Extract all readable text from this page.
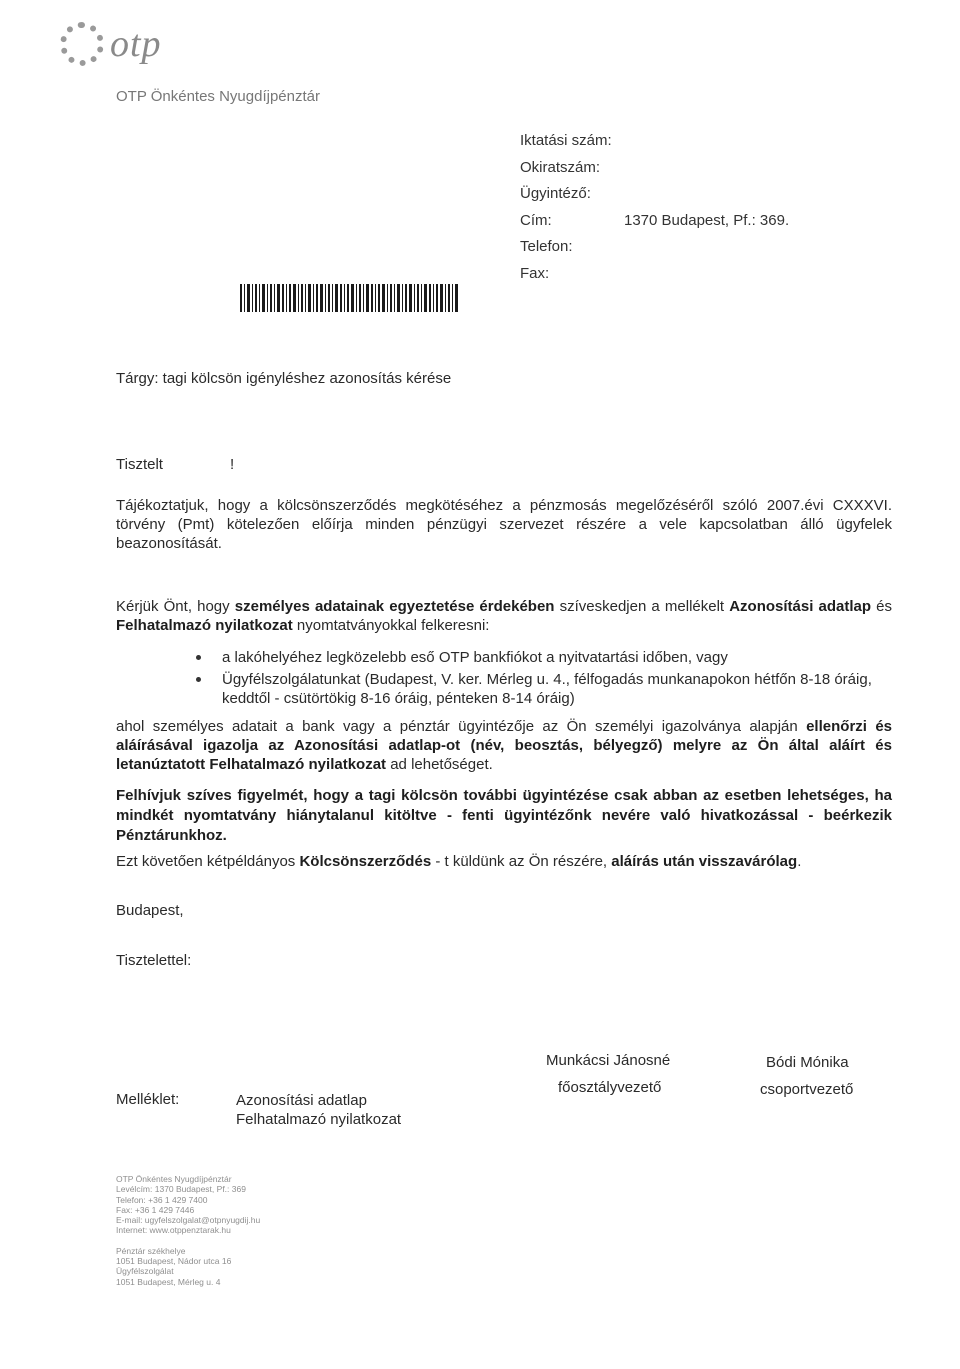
otp
OTP Önkéntes Nyugdíjpénztár
Iktatási szám:
Okiratszám:
Ügyintéző:
Cím:	1370 Budapest, Pf.: 369.
Telefon:
Fax:
Tárgy: tagi kölcsön igényléshez azonosítás kérése
Tisztelt	!
Tájékoztatjuk, hogy a kölcsönszerződés megkötéséhez a pénzmosás megelőzéséről szóló 2007.évi CXXXVI. törvény (Pmt) kötelezően előírja minden pénzügyi szervezet részére a vele kapcsolatban álló ügyfelek beazonosítását.
Kérjük Önt, hogy személyes adatainak egyeztetése érdekében szíveskedjen a mellékelt Azonosítási adatlap és Felhatalmazó nyilatkozat nyomtatványokkal felkeresni:
a lakóhelyéhez legközelebb eső OTP bankfiókot a nyitvatartási időben, vagy
Ügyfélszolgálatunkat (Budapest, V. ker. Mérleg u. 4., félfogadás munkanapokon hétfőn 8-18 óráig, keddtől - csütörtökig 8-16 óráig, pénteken 8-14 óráig)
ahol személyes adatait a bank vagy a pénztár ügyintézője az Ön személyi igazolványa alapján ellenőrzi és aláírásával igazolja az Azonosítási adatlap-ot (név, beosztás, bélyegző) melyre az Ön által aláírt és letanúztatott Felhatalmazó nyilatkozat ad lehetőséget.
Felhívjuk szíves figyelmét, hogy a tagi kölcsön további ügyintézése csak abban az esetben lehetséges, ha mindkét nyomtatvány hiánytalanul kitöltve - fenti ügyintézőnk nevére való hivatkozással - beérkezik Pénztárunkhoz.
Ezt követően kétpéldányos Kölcsönszerződés - t küldünk az Ön részére, aláírás után visszavárólag.
Budapest,
Tisztelettel:
Munkácsi Jánosné
főosztályvezető
Bódi Mónika
csoportvezető
Melléklet:	Azonosítási adatlap
Felhatalmazó nyilatkozat
OTP Önkéntes Nyugdíjpénztár
Levélcím: 1370 Budapest, Pf.: 369
Telefon: +36 1 429 7400
Fax: +36 1 429 7446
E-mail: ugyfelszolgalat@otpnyugdij.hu
Internet: www.otppenztarak.hu
Pénztár székhelye
1051 Budapest, Nádor utca 16
Ügyfélszolgálat
1051 Budapest, Mérleg u. 4
